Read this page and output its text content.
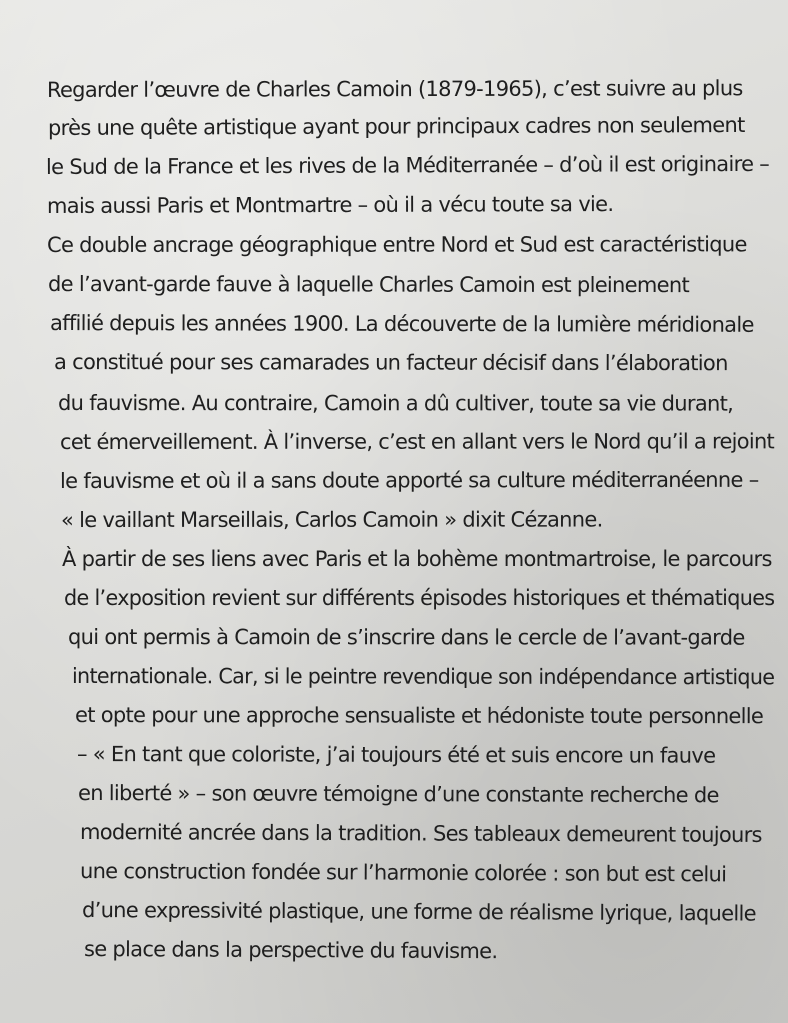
Regarder l’œuvre de Charles Camoin (1879-1965), c’est suivre au plus

près une quête artistique ayant pour principaux cadres non seulement

le Sud de la France et les rives de la Méditerranée – d’où il est originaire –

mais aussi Paris et Montmartre – où il a vécu toute sa vie.

Ce double ancrage géographique entre Nord et Sud est caractéristique

de l’avant-garde fauve à laquelle Charles Camoin est pleinement

affilié depuis les années 1900. La découverte de la lumière méridionale

a constitué pour ses camarades un facteur décisif dans l’élaboration

du fauvisme. Au contraire, Camoin a dû cultiver, toute sa vie durant,

cet émerveillement. À l’inverse, c’est en allant vers le Nord qu’il a rejoint

le fauvisme et où il a sans doute apporté sa culture méditerranéenne –

« le vaillant Marseillais, Carlos Camoin » dixit Cézanne.

À partir de ses liens avec Paris et la bohème montmartroise, le parcours

de l’exposition revient sur différents épisodes historiques et thématiques

qui ont permis à Camoin de s’inscrire dans le cercle de l’avant-garde

internationale. Car, si le peintre revendique son indépendance artistique

et opte pour une approche sensualiste et hédoniste toute personnelle

– « En tant que coloriste, j’ai toujours été et suis encore un fauve

en liberté » – son œuvre témoigne d’une constante recherche de

modernité ancrée dans la tradition. Ses tableaux demeurent toujours

une construction fondée sur l’harmonie colorée : son but est celui

d’une expressivité plastique, une forme de réalisme lyrique, laquelle

se place dans la perspective du fauvisme.
